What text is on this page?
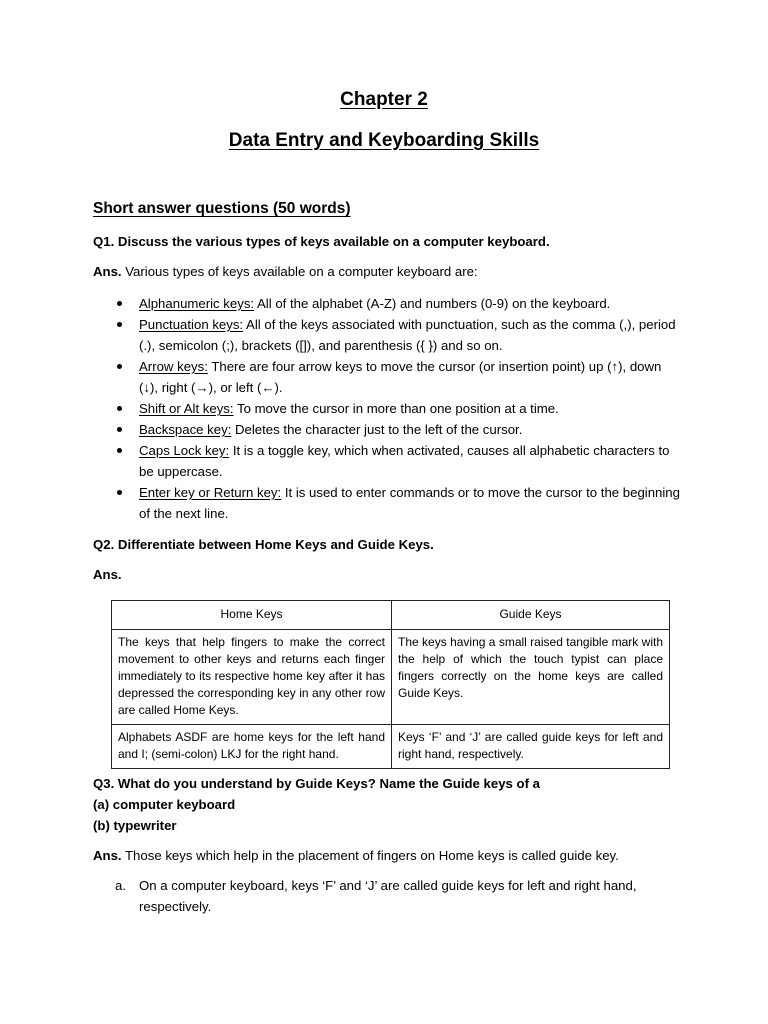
Chapter 2
Data Entry and Keyboarding Skills
Short answer questions (50 words)
Q1. Discuss the various types of keys available on a computer keyboard.
Ans. Various types of keys available on a computer keyboard are:
Alphanumeric keys: All of the alphabet (A-Z) and numbers (0-9) on the keyboard.
Punctuation keys: All of the keys associated with punctuation, such as the comma (,), period (.), semicolon (;), brackets ([]), and parenthesis ({ }) and so on.
Arrow keys: There are four arrow keys to move the cursor (or insertion point) up (↑), down (↓), right (→), or left (←).
Shift or Alt keys: To move the cursor in more than one position at a time.
Backspace key: Deletes the character just to the left of the cursor.
Caps Lock key: It is a toggle key, which when activated, causes all alphabetic characters to be uppercase.
Enter key or Return key: It is used to enter commands or to move the cursor to the beginning of the next line.
Q2. Differentiate between Home Keys and Guide Keys.
Ans.
Home Keys	Guide Keys
The keys that help fingers to make the correct movement to other keys and returns each finger immediately to its respective home key after it has depressed the corresponding key in any other row are called Home Keys.	The keys having a small raised tangible mark with the help of which the touch typist can place fingers correctly on the home keys are called Guide Keys.
Alphabets ASDF are home keys for the left hand and I; (semi-colon) LKJ for the right hand.	Keys ‘F’ and ‘J’ are called guide keys for left and right hand, respectively.
Q3. What do you understand by Guide Keys? Name the Guide keys of a
(a) computer keyboard
(b) typewriter
Ans. Those keys which help in the placement of fingers on Home keys is called guide key.
a. On a computer keyboard, keys ‘F’ and ‘J’ are called guide keys for left and right hand, respectively.
